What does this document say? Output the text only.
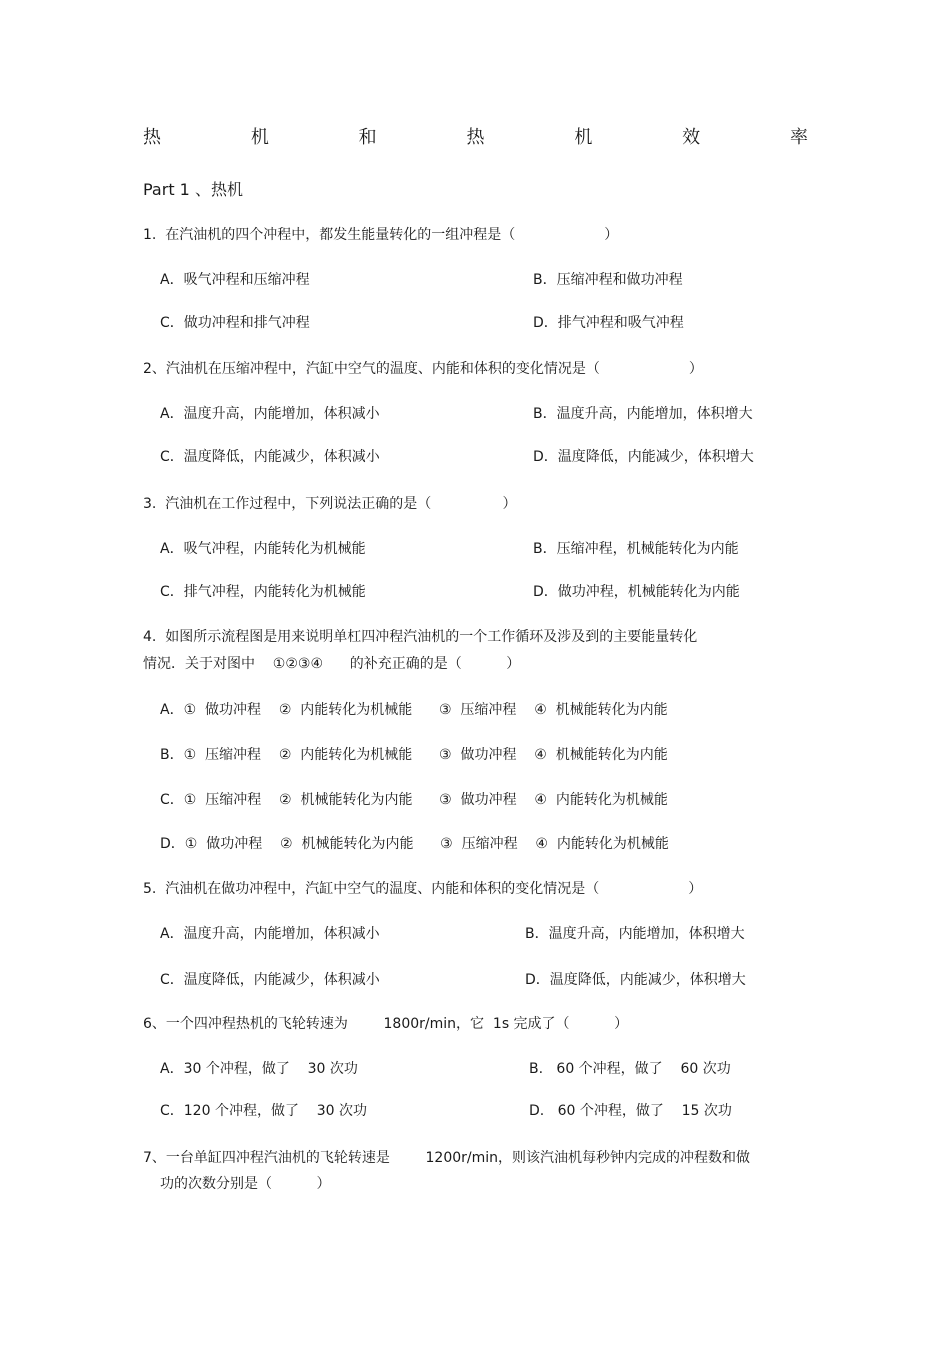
热	机	和	热	机	效	率
Part 1 、热机
1.  在汽油机的四个冲程中，都发生能量转化的一组冲程是（                    ）
A．吸气冲程和压缩冲程	B．压缩冲程和做功冲程
C．做功冲程和排气冲程	D．排气冲程和吸气冲程
2、汽油机在压缩冲程中，汽缸中空气的温度、内能和体积的变化情况是（                    ）
A．温度升高，内能增加，体积减小	B．温度升高，内能增加，体积增大
C．温度降低，内能减少，体积减小	D．温度降低，内能减少，体积增大
3.  汽油机在工作过程中，下列说法正确的是（                ）
A．吸气冲程，内能转化为机械能	B．压缩冲程，机械能转化为内能
C．排气冲程，内能转化为机械能	D．做功冲程，机械能转化为内能
4.  如图所示流程图是用来说明单杠四冲程汽油机的一个工作循环及涉及到的主要能量转化
情况．关于对图中    ①②③④      的补充正确的是（          ）
A．①  做功冲程    ②  内能转化为机械能      ③  压缩冲程    ④  机械能转化为内能
B．①  压缩冲程    ②  内能转化为机械能      ③  做功冲程    ④  机械能转化为内能
C．①  压缩冲程    ②  机械能转化为内能      ③  做功冲程    ④  内能转化为机械能
D．①  做功冲程    ②  机械能转化为内能      ③  压缩冲程    ④  内能转化为机械能
5.  汽油机在做功冲程中，汽缸中空气的温度、内能和体积的变化情况是（                    ）
A．温度升高，内能增加，体积减小	B．温度升高，内能增加，体积增大
C．温度降低，内能减少，体积减小	D．温度降低，内能减少，体积增大
6、一个四冲程热机的飞轮转速为        1800r/min，它  1s 完成了（          ）
A．30 个冲程，做了    30 次功	B.   60 个冲程，做了    60 次功
C．120 个冲程，做了    30 次功	D.   60 个冲程，做了    15 次功
7、一台单缸四冲程汽油机的飞轮转速是        1200r/min，则该汽油机每秒钟内完成的冲程数和做
功的次数分别是（          ）
